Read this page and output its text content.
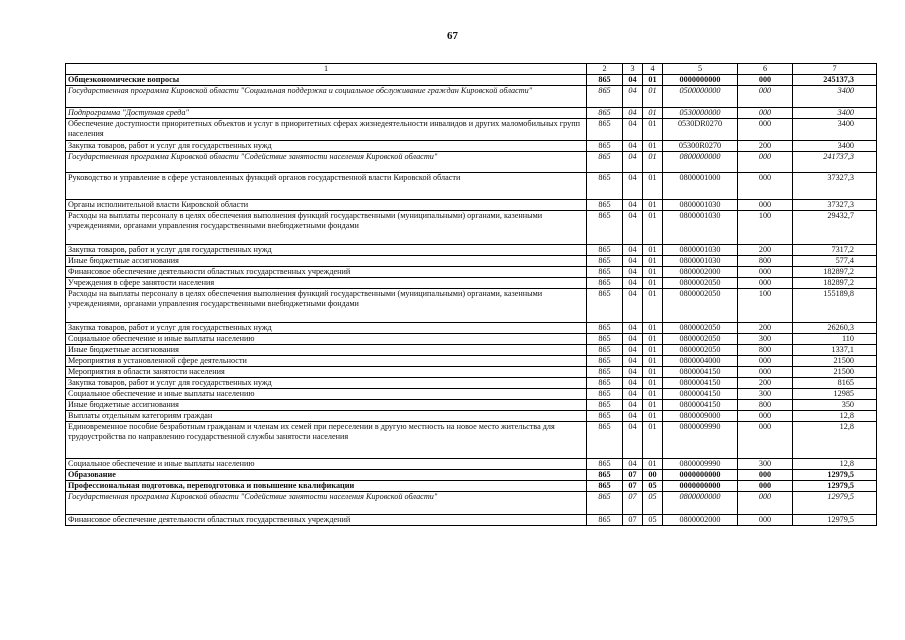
67
1	2	3	4	5	6	7
Общеэкономические вопросы	865	04	01	0000000000	000	245137,3
Государственная программа Кировской области "Социальная поддержка и социальное обслуживание граждан Кировской области"	865	04	01	0500000000	000	3400
Подпрограмма "Доступная среда"	865	04	01	0530000000	000	3400
Обеспечение доступности приоритетных объектов и услуг в приоритетных сферах жизнедеятельности инвалидов и других маломобильных групп населения	865	04	01	0530DR0270	000	3400
Закупка товаров, работ и услуг для государственных нужд	865	04	01	05300R0270	200	3400
Государственная программа Кировской области "Содействие занятости населения Кировской области"	865	04	01	0800000000	000	241737,3
Руководство и управление в сфере установленных функций органов государственной власти Кировской области	865	04	01	0800001000	000	37327,3
Органы исполнительной власти Кировской области	865	04	01	0800001030	000	37327,3
Расходы на выплаты персоналу в целях обеспечения выполнения функций государственными (муниципальными) органами, казенными учреждениями, органами управления государственными внебюджетными фондами	865	04	01	0800001030	100	29432,7
Закупка товаров, работ и услуг для государственных нужд	865	04	01	0800001030	200	7317,2
Иные бюджетные ассигнования	865	04	01	0800001030	800	577,4
Финансовое обеспечение деятельности областных государственных учреждений	865	04	01	0800002000	000	182897,2
Учреждения в сфере занятости населения	865	04	01	0800002050	000	182897,2
Расходы на выплаты персоналу в целях обеспечения выполнения функций государственными (муниципальными) органами, казенными учреждениями, органами управления государственными внебюджетными фондами	865	04	01	0800002050	100	155189,8
Закупка товаров, работ и услуг для государственных нужд	865	04	01	0800002050	200	26260,3
Социальное обеспечение и иные выплаты населению	865	04	01	0800002050	300	110
Иные бюджетные ассигнования	865	04	01	0800002050	800	1337,1
Мероприятия в установленной сфере деятельности	865	04	01	0800004000	000	21500
Мероприятия в области занятости населения	865	04	01	0800004150	000	21500
Закупка товаров, работ и услуг для государственных нужд	865	04	01	0800004150	200	8165
Социальное обеспечение и иные выплаты населению	865	04	01	0800004150	300	12985
Иные бюджетные ассигнования	865	04	01	0800004150	800	350
Выплаты отдельным категориям граждан	865	04	01	0800009000	000	12,8
Единовременное пособие безработным гражданам и членам их семей при переселении в другую местность на новое место жительства для трудоустройства по направлению государственной службы занятости населения	865	04	01	0800009990	000	12,8
Социальное обеспечение и иные выплаты населению	865	04	01	0800009990	300	12,8
Образование	865	07	00	0000000000	000	12979,5
Профессиональная подготовка, переподготовка и повышение квалификации	865	07	05	0000000000	000	12979,5
Государственная программа Кировской области "Содействие занятости населения Кировской области"	865	07	05	0800000000	000	12979,5
Финансовое обеспечение деятельности областных государственных учреждений	865	07	05	0800002000	000	12979,5
